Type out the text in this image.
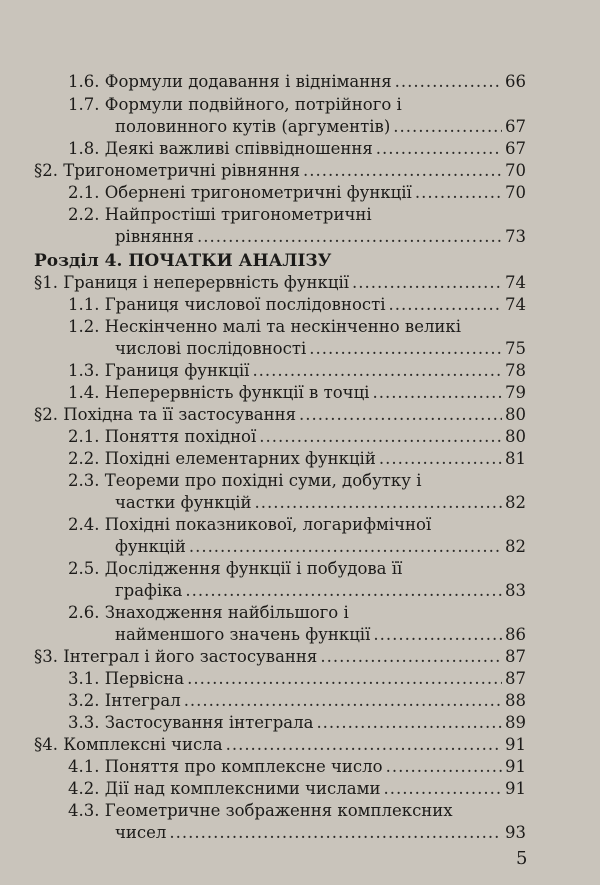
1.6. Формули додавання і віднімання .....	66
1.7. Формули подвійного, потрійного і
половинного кутів (аргументів) .....	67
1.8. Деякі важливі співвідношення .....	67
§2. Тригонометричні рівняння .....	70
2.1. Обернені тригонометричні функції .....	70
2.2. Найпростіші тригонометричні
рівняння .....	73
Розділ 4. ПОЧАТКИ АНАЛІЗУ
§1. Границя і неперервність функції .....	74
1.1. Границя числової послідовності .....	74
1.2. Нескінченно малі та нескінченно великі
числові послідовності .....	75
1.3. Границя функції .....	78
1.4. Неперервність функції в точці .....	79
§2. Похідна та її застосування .....	80
2.1. Поняття похідної .....	80
2.2. Похідні елементарних функцій .....	81
2.3. Теореми про похідні суми, добутку і
частки функцій .....	82
2.4. Похідні показникової, логарифмічної
функцій .....	82
2.5. Дослідження функції і побудова її
графіка .....	83
2.6. Знаходження найбільшого і
найменшого значень функції .....	86
§3. Інтеграл і його застосування .....	87
3.1. Первісна .....	87
3.2. Інтеграл .....	88
3.3. Застосування інтеграла .....	89
§4. Комплексні числа .....	91
4.1. Поняття про комплексне число .....	91
4.2. Дії над комплексними числами .....	91
4.3. Геометричне зображення комплексних
чисел .....	93
5
